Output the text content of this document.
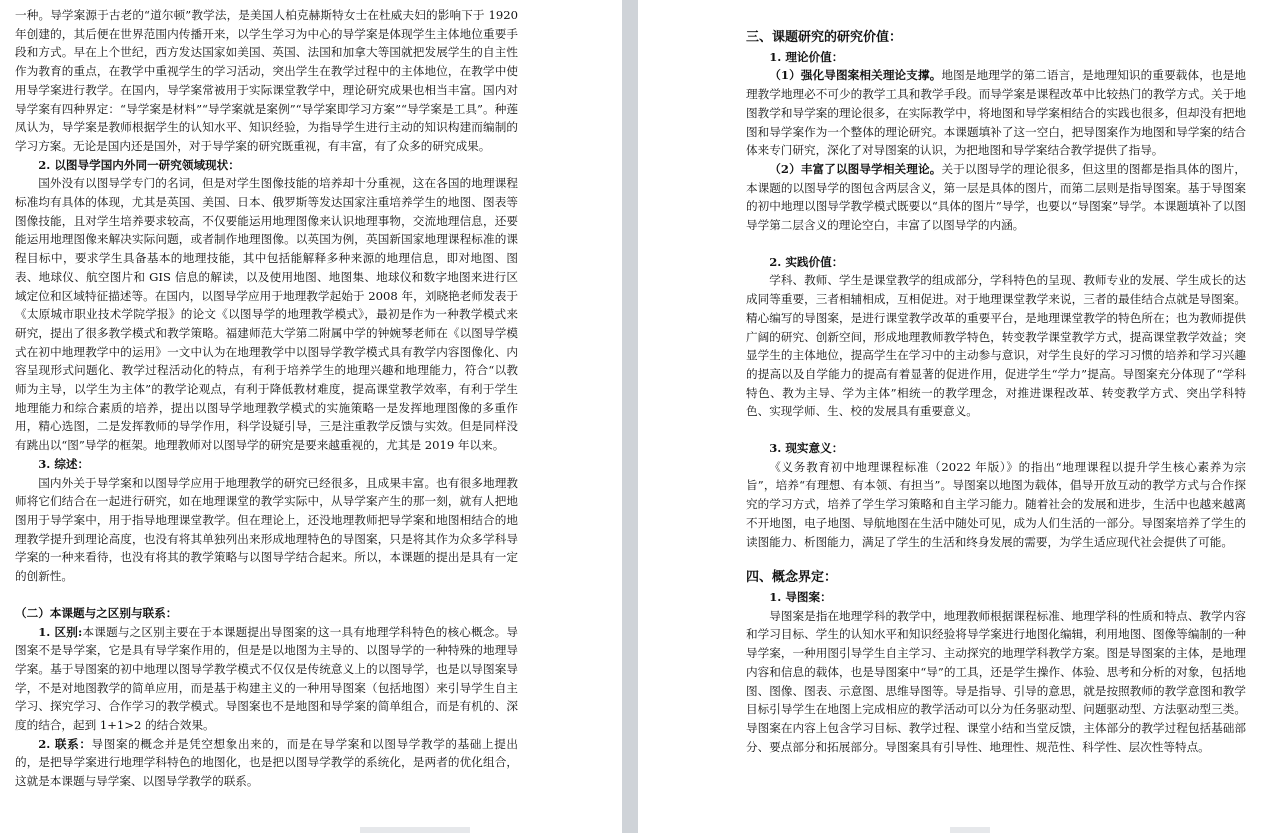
一种。导学案源于古老的“道尔顿”教学法，是美国人柏克赫斯特女士在杜威夫妇的影响下于 1920 年创建的，其后便在世界范围内传播开来，以学生学习为中心的导学案是体现学生主体地位重要手段和方式。早在上个世纪，西方发达国家如美国、英国、法国和加拿大等国就把发展学生的自主性作为教育的重点，在教学中重视学生的学习活动，突出学生在教学过程中的主体地位，在教学中使用导学案进行教学。在国内，导学案常被用于实际课堂教学中，理论研究成果也相当丰富。国内对导学案有四种界定：“导学案是材料”“导学案就是案例”“导学案即学习方案”“导学案是工具”。种莲凤认为，导学案是教师根据学生的认知水平、知识经验，为指导学生进行主动的知识构建而编制的学习方案。无论是国内还是国外，对于导学案的研究既重视，有丰富，有了众多的研究成果。

2. 以图导学国内外同一研究领域现状：

国外没有以图导学专门的名词，但是对学生图像技能的培养却十分重视，这在各国的地理课程标准均有具体的体现，尤其是英国、美国、日本、俄罗斯等发达国家注重培养学生的地图、图表等图像技能，且对学生培养要求较高，不仅要能运用地理图像来认识地理事物，交流地理信息，还要能运用地理图像来解决实际问题，或者制作地理图像。以英国为例，英国新国家地理课程标准的课程目标中，要求学生具备基本的地理技能，其中包括能解释多种来源的地理信息，即对地图、图表、地球仪、航空图片和 GIS 信息的解读，以及使用地图、地图集、地球仪和数字地图来进行区域定位和区域特征描述等。在国内，以图导学应用于地理教学起始于 2008 年，刘晓艳老师发表于《太原城市职业技术学院学报》的论文《以图导学的地理教学模式》，最初是作为一种教学模式来研究，提出了很多教学模式和教学策略。福建师范大学第二附属中学的钟婉琴老师在《以图导学模式在初中地理教学中的运用》一文中认为在地理教学中以图导学教学模式具有教学内容图像化、内容呈现形式问题化、教学过程活动化的特点，有利于培养学生的地理兴趣和地理能力，符合“以教师为主导，以学生为主体”的教学论观点，有利于降低教材难度，提高课堂教学效率，有利于学生地理能力和综合素质的培养，提出以图导学地理教学模式的实施策略一是发挥地理图像的多重作用，精心选图，二是发挥教师的导学作用，科学设疑引导，三是注重教学反馈与实效。但是同样没有跳出以“图”导学的框架。地理教师对以图导学的研究是要来越重视的，尤其是 2019 年以来。

3. 综述：

国内外关于导学案和以图导学应用于地理教学的研究已经很多，且成果丰富。也有很多地理教师将它们结合在一起进行研究，如在地理课堂的教学实际中，从导学案产生的那一刻，就有人把地图用于导学案中，用于指导地理课堂教学。但在理论上，还没地理教师把导学案和地图相结合的地理教学提升到理论高度，也没有将其单独列出来形成地理特色的导图案，只是将其作为众多学科导学案的一种来看待，也没有将其的教学策略与以图导学结合起来。所以，本课题的提出是具有一定的创新性。

（二）本课题与之区别与联系：

1. 区别:本课题与之区别主要在于本课题提出导图案的这一具有地理学科特色的核心概念。导图案不是导学案，它是具有导学案作用的，但是是以地图为主导的、以图导学的一种特殊的地理导学案。基于导图案的初中地理以图导学教学模式不仅仅是传统意义上的以图导学，也是以导图案导学，不是对地图教学的简单应用，而是基于构建主义的一种用导图案（包括地图）来引导学生自主学习、探究学习、合作学习的教学模式。导图案也不是地图和导学案的简单组合，而是有机的、深度的结合，起到 1+1>2 的结合效果。

2. 联系：导图案的概念并是凭空想象出来的，而是在导学案和以图导学教学的基础上提出的，是把导学案进行地理学科特色的地图化，也是把以图导学教学的系统化，是两者的优化组合，这就是本课题与导学案、以图导学教学的联系。

三、课题研究的研究价值：

1. 理论价值：

（1）强化导图案相关理论支撑。地图是地理学的第二语言，是地理知识的重要载体，也是地理教学地理必不可少的教学工具和教学手段。而导学案是课程改革中比较热门的教学方式。关于地图教学和导学案的理论很多，在实际教学中，将地图和导学案相结合的实践也很多，但却没有把地图和导学案作为一个整体的理论研究。本课题填补了这一空白，把导图案作为地图和导学案的结合体来专门研究，深化了对导图案的认识，为把地图和导学案结合教学提供了指导。

（2）丰富了以图导学相关理论。关于以图导学的理论很多，但这里的图都是指具体的图片，本课题的以图导学的图包含两层含义，第一层是具体的图片，而第二层则是指导图案。基于导图案的初中地理以图导学教学模式既要以“具体的图片”导学，也要以“导图案”导学。本课题填补了以图导学第二层含义的理论空白，丰富了以图导学的内涵。

2. 实践价值：

学科、教师、学生是课堂教学的组成部分，学科特色的呈现、教师专业的发展、学生成长的达成同等重要，三者相辅相成，互相促进。对于地理课堂教学来说，三者的最佳结合点就是导图案。精心编写的导图案，是进行课堂教学改革的重要平台，是地理课堂教学的特色所在；也为教师提供广阔的研究、创新空间，形成地理教师教学特色，转变教学课堂教学方式，提高课堂教学效益；突显学生的主体地位，提高学生在学习中的主动参与意识，对学生良好的学习习惯的培养和学习兴趣的提高以及自学能力的提高有着显著的促进作用，促进学生“学力”提高。导图案充分体现了“学科特色、教为主导、学为主体”相统一的教学理念，对推进课程改革、转变教学方式、突出学科特色、实现学师、生、校的发展具有重要意义。

3. 现实意义：

《义务教育初中地理课程标准（2022 年版）》的指出“地理课程以提升学生核心素养为宗旨”，培养“有理想、有本领、有担当”。导图案以地图为载体，倡导开放互动的教学方式与合作探究的学习方式，培养了学生学习策略和自主学习能力。随着社会的发展和进步，生活中也越来越离不开地图，电子地图、导航地图在生活中随处可见，成为人们生活的一部分。导图案培养了学生的读图能力、析图能力，满足了学生的生活和终身发展的需要，为学生适应现代社会提供了可能。

四、概念界定：

1. 导图案：

导图案是指在地理学科的教学中，地理教师根据课程标准、地理学科的性质和特点、教学内容和学习目标、学生的认知水平和知识经验将导学案进行地图化编辑，利用地图、图像等编制的一种导学案，一种用图引导学生自主学习、主动探究的地理学科教学方案。图是导图案的主体，是地理内容和信息的载体，也是导图案中“导”的工具，还是学生操作、体验、思考和分析的对象，包括地图、图像、图表、示意图、思维导图等。导是指导、引导的意思，就是按照教师的教学意图和教学目标引导学生在地图上完成相应的教学活动可以分为任务驱动型、问题驱动型、方法驱动型三类。导图案在内容上包含学习目标、教学过程、课堂小结和当堂反馈，主体部分的教学过程包括基础部分、要点部分和拓展部分。导图案具有引导性、地理性、规范性、科学性、层次性等特点。
